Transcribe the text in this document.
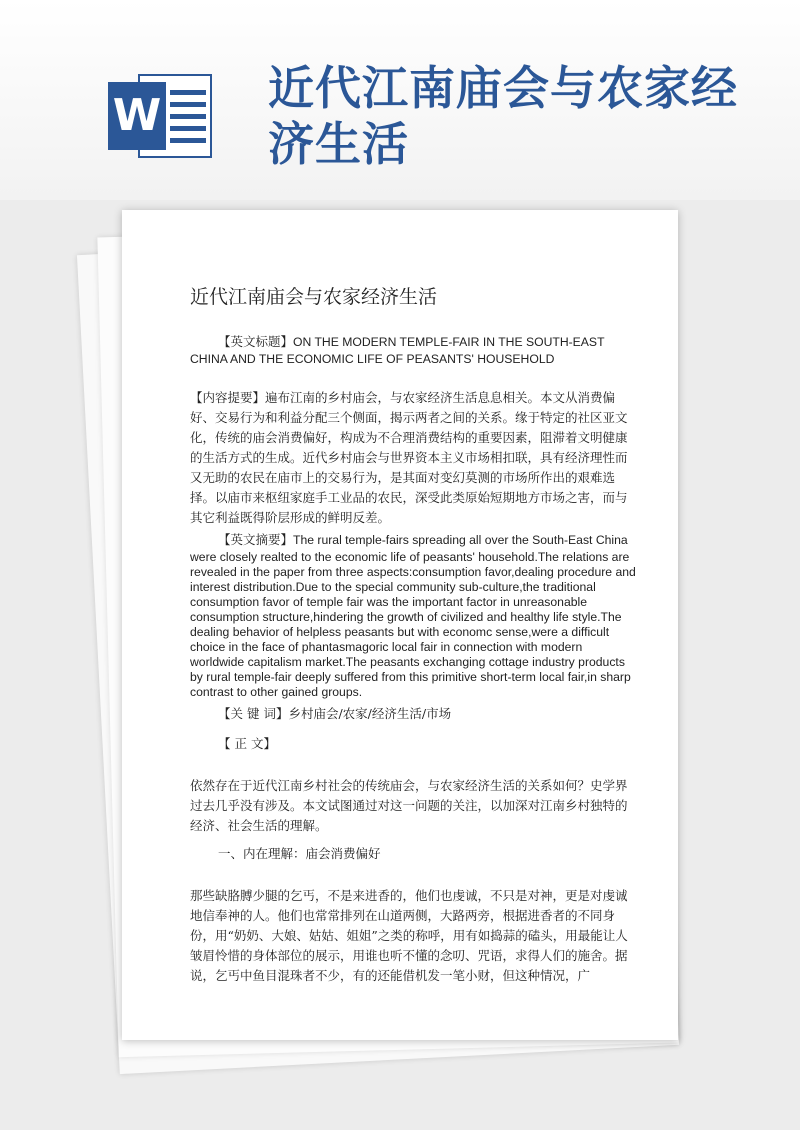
W
近代江南庙会与农家经济生活
近代江南庙会与农家经济生活

【英文标题】ON THE MODERN TEMPLE-FAIR IN THE SOUTH-EAST CHINA AND THE ECONOMIC LIFE OF PEASANTS' HOUSEHOLD

【内容提要】遍布江南的乡村庙会，与农家经济生活息息相关。本文从消费偏好、交易行为和利益分配三个侧面，揭示两者之间的关系。缘于特定的社区亚文化，传统的庙会消费偏好，构成为不合理消费结构的重要因素，阻滞着文明健康的生活方式的生成。近代乡村庙会与世界资本主义市场相扣联，具有经济理性而又无助的农民在庙市上的交易行为，是其面对变幻莫测的市场所作出的艰难选择。以庙市来枢纽家庭手工业品的农民，深受此类原始短期地方市场之害，而与其它利益既得阶层形成的鲜明反差。

【英文摘要】The rural temple-fairs spreading all over the South-East China were closely realted to the economic life of peasants' household.The relations are revealed in the paper from three aspects:consumption favor,dealing procedure and interest distribution.Due to the special community sub-culture,the traditional consumption favor of temple fair was the important factor in unreasonable consumption structure,hindering the growth of civilized and healthy life style.The dealing behavior of helpless peasants but with economc sense,were a difficult choice in the face of phantasmagoric local fair in connection with modern worldwide capitalism market.The peasants exchanging cottage industry products by rural temple-fair deeply suffered from this primitive short-term local fair,in sharp contrast to other gained groups.

【关 键 词】乡村庙会/农家/经济生活/市场

【 正 文】

依然存在于近代江南乡村社会的传统庙会，与农家经济生活的关系如何？史学界过去几乎没有涉及。本文试图通过对这一问题的关注，以加深对江南乡村独特的经济、社会生活的理解。

一、内在理解：庙会消费偏好

那些缺胳膊少腿的乞丐，不是来进香的，他们也虔诚，不只是对神，更是对虔诚地信奉神的人。他们也常常排列在山道两侧，大路两旁，根据进香者的不同身份，用“奶奶、大娘、姑姑、姐姐”之类的称呼，用有如捣蒜的磕头，用最能让人皱眉怜惜的身体部位的展示，用谁也听不懂的念叨、咒语，求得人们的施舍。据说，乞丐中鱼目混珠者不少，有的还能借机发一笔小财，但这种情况，广
